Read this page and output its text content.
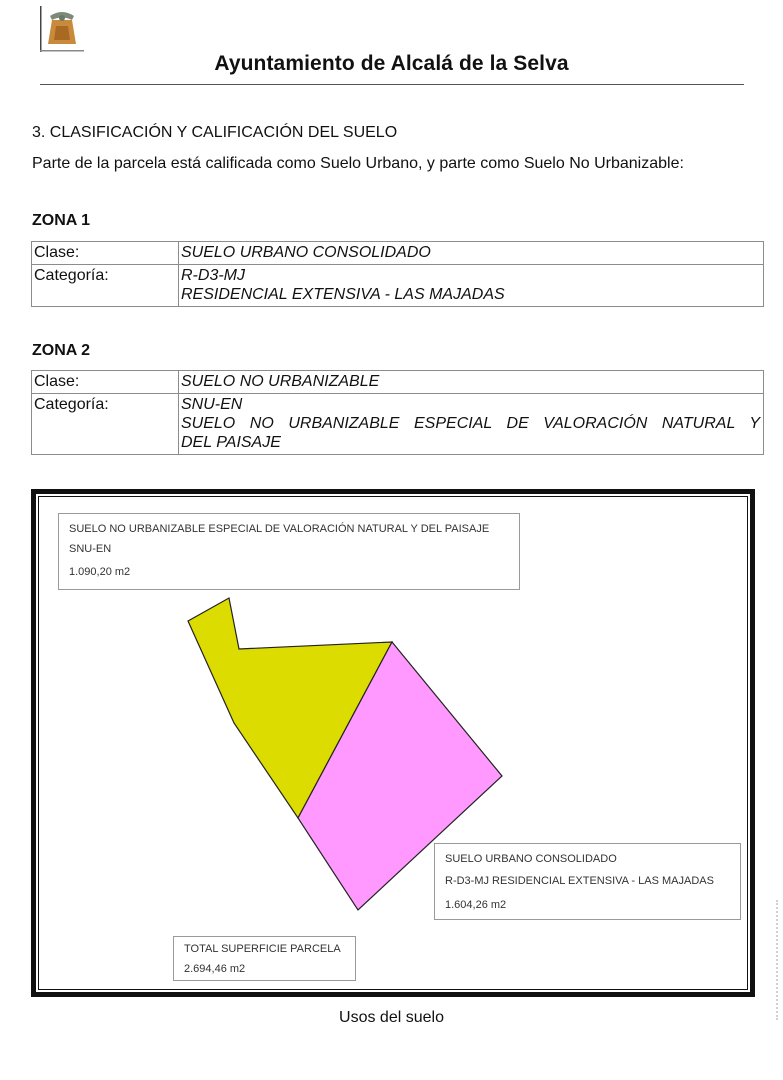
Ayuntamiento de Alcalá de la Selva
3. CLASIFICACIÓN Y CALIFICACIÓN DEL SUELO
Parte de la parcela está calificada como Suelo Urbano, y parte como Suelo No Urbanizable:
ZONA 1
Clase:	SUELO URBANO CONSOLIDADO
Categoría:	R-D3-MJ
RESIDENCIAL EXTENSIVA - LAS MAJADAS
ZONA 2
Clase:	SUELO NO URBANIZABLE
Categoría:	SNU-EN
SUELO NO URBANIZABLE ESPECIAL DE VALORACIÓN NATURAL Y
DEL PAISAJE
SUELO NO URBANIZABLE ESPECIAL DE VALORACIÓN NATURAL Y DEL PAISAJE
SNU-EN
1.090,20 m2
SUELO URBANO CONSOLIDADO
R-D3-MJ RESIDENCIAL EXTENSIVA - LAS MAJADAS
1.604,26 m2
TOTAL SUPERFICIE PARCELA
2.694,46 m2
Usos del suelo
